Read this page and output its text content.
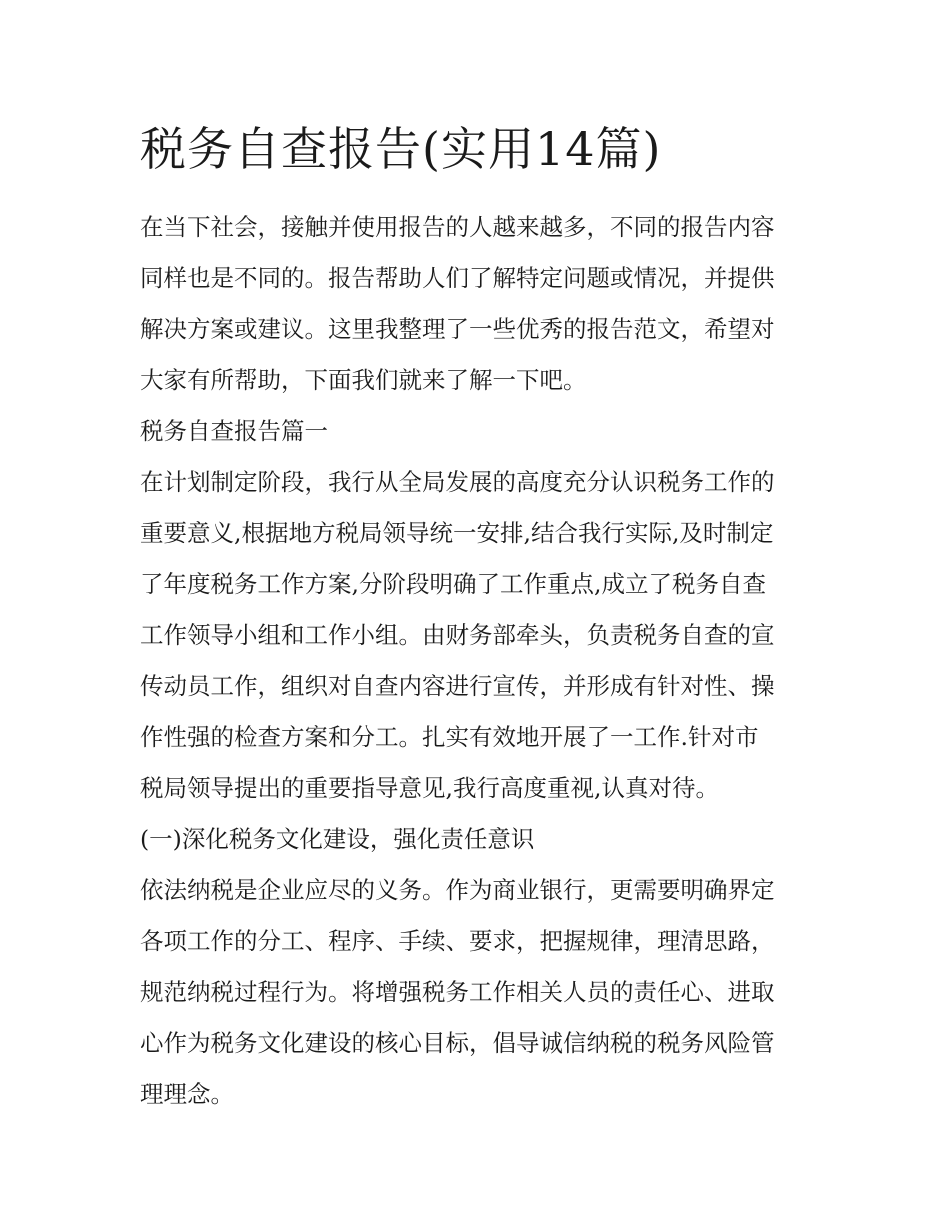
税务自查报告(实用14篇)

在当下社会，接触并使用报告的人越来越多，不同的报告内容
同样也是不同的。报告帮助人们了解特定问题或情况，并提供
解决方案或建议。这里我整理了一些优秀的报告范文，希望对
大家有所帮助，下面我们就来了解一下吧。

税务自查报告篇一

在计划制定阶段，我行从全局发展的高度充分认识税务工作的
重要意义,根据地方税局领导统一安排,结合我行实际,及时制定
了年度税务工作方案,分阶段明确了工作重点,成立了税务自查
工作领导小组和工作小组。由财务部牵头，负责税务自查的宣
传动员工作，组织对自查内容进行宣传，并形成有针对性、操
作性强的检查方案和分工。扎实有效地开展了一工作.针对市
税局领导提出的重要指导意见,我行高度重视,认真对待。

(一)深化税务文化建设，强化责任意识

依法纳税是企业应尽的义务。作为商业银行，更需要明确界定
各项工作的分工、程序、手续、要求，把握规律，理清思路，
规范纳税过程行为。将增强税务工作相关人员的责任心、进取
心作为税务文化建设的核心目标，倡导诚信纳税的税务风险管
理理念。
